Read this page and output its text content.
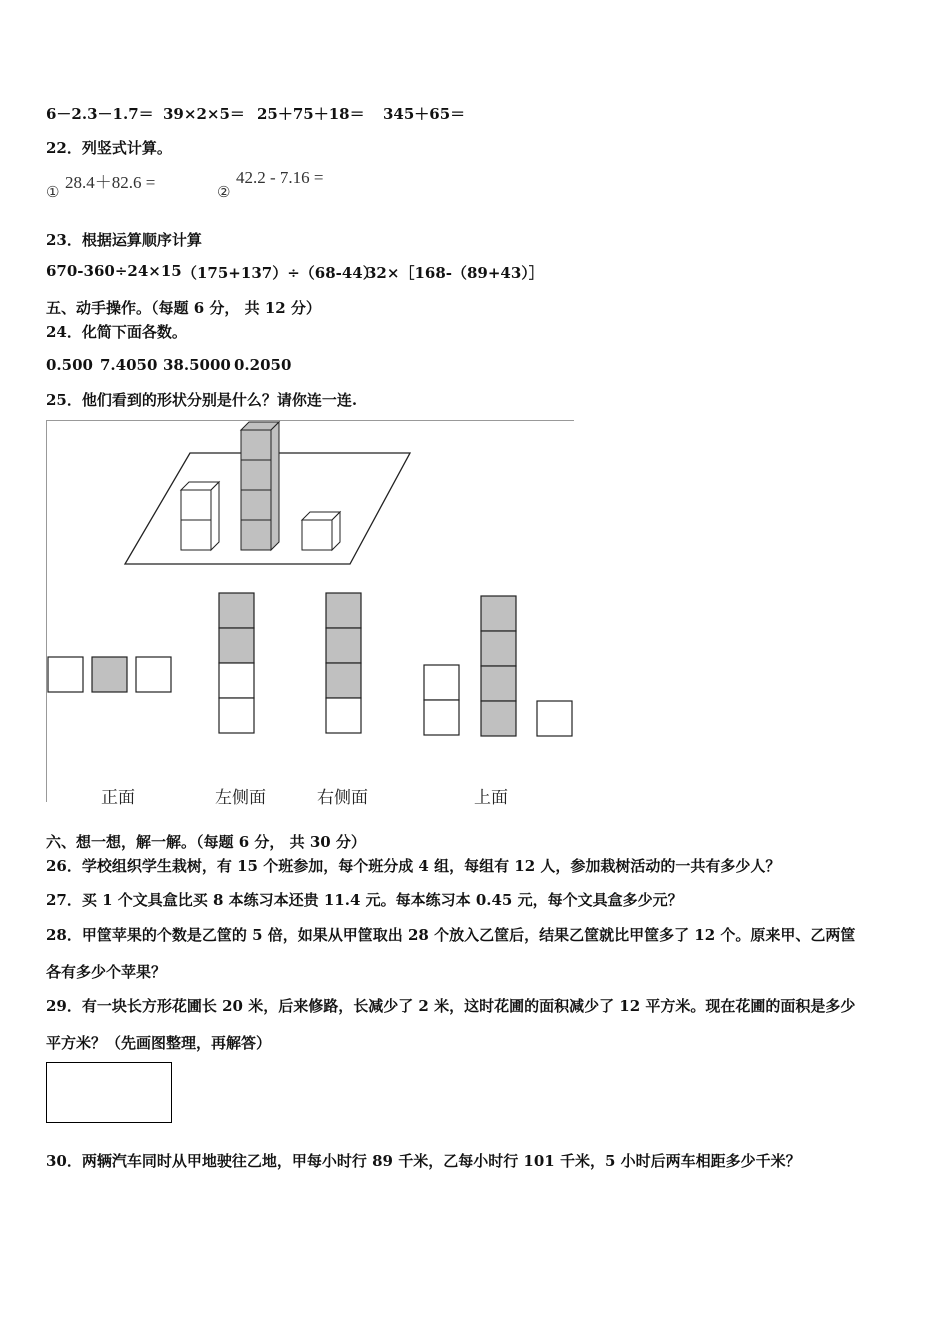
6－2.3－1.7＝ 39×2×5＝ 25＋75＋18＝ 345＋65＝
22．列竖式计算。
① 28.4＋82.6 =	②
42.2 - 7.16 =
23．根据运算顺序计算
670-360÷24×15 （175+137）÷（68-44）
32×［168-（89+43）］
五、动手操作。（每题 6 分， 共 12 分）
24．化简下面各数。
0.500 7.4050 38.5000 0.2050
25．他们看到的形状分别是什么？请你连一连.
正面	左侧面	右侧面	上面
六、想一想，解一解。（每题 6 分， 共 30 分）
26．学校组织学生栽树，有 15 个班参加，每个班分成 4 组，每组有 12 人，参加栽树活动的一共有多少人？
27．买 1 个文具盒比买 8 本练习本还贵 11.4 元。每本练习本 0.45 元，每个文具盒多少元？
28．甲筐苹果的个数是乙筐的 5 倍，如果从甲筐取出 28 个放入乙筐后，结果乙筐就比甲筐多了 12 个。原来甲、乙两筐
各有多少个苹果？
29．有一块长方形花圃长 20 米，后来修路，长减少了 2 米，这时花圃的面积减少了 12 平方米。现在花圃的面积是多少
平方米？（先画图整理，再解答）
30．两辆汽车同时从甲地驶往乙地，甲每小时行 89 千米，乙每小时行 101 千米，5 小时后两车相距多少千米？
